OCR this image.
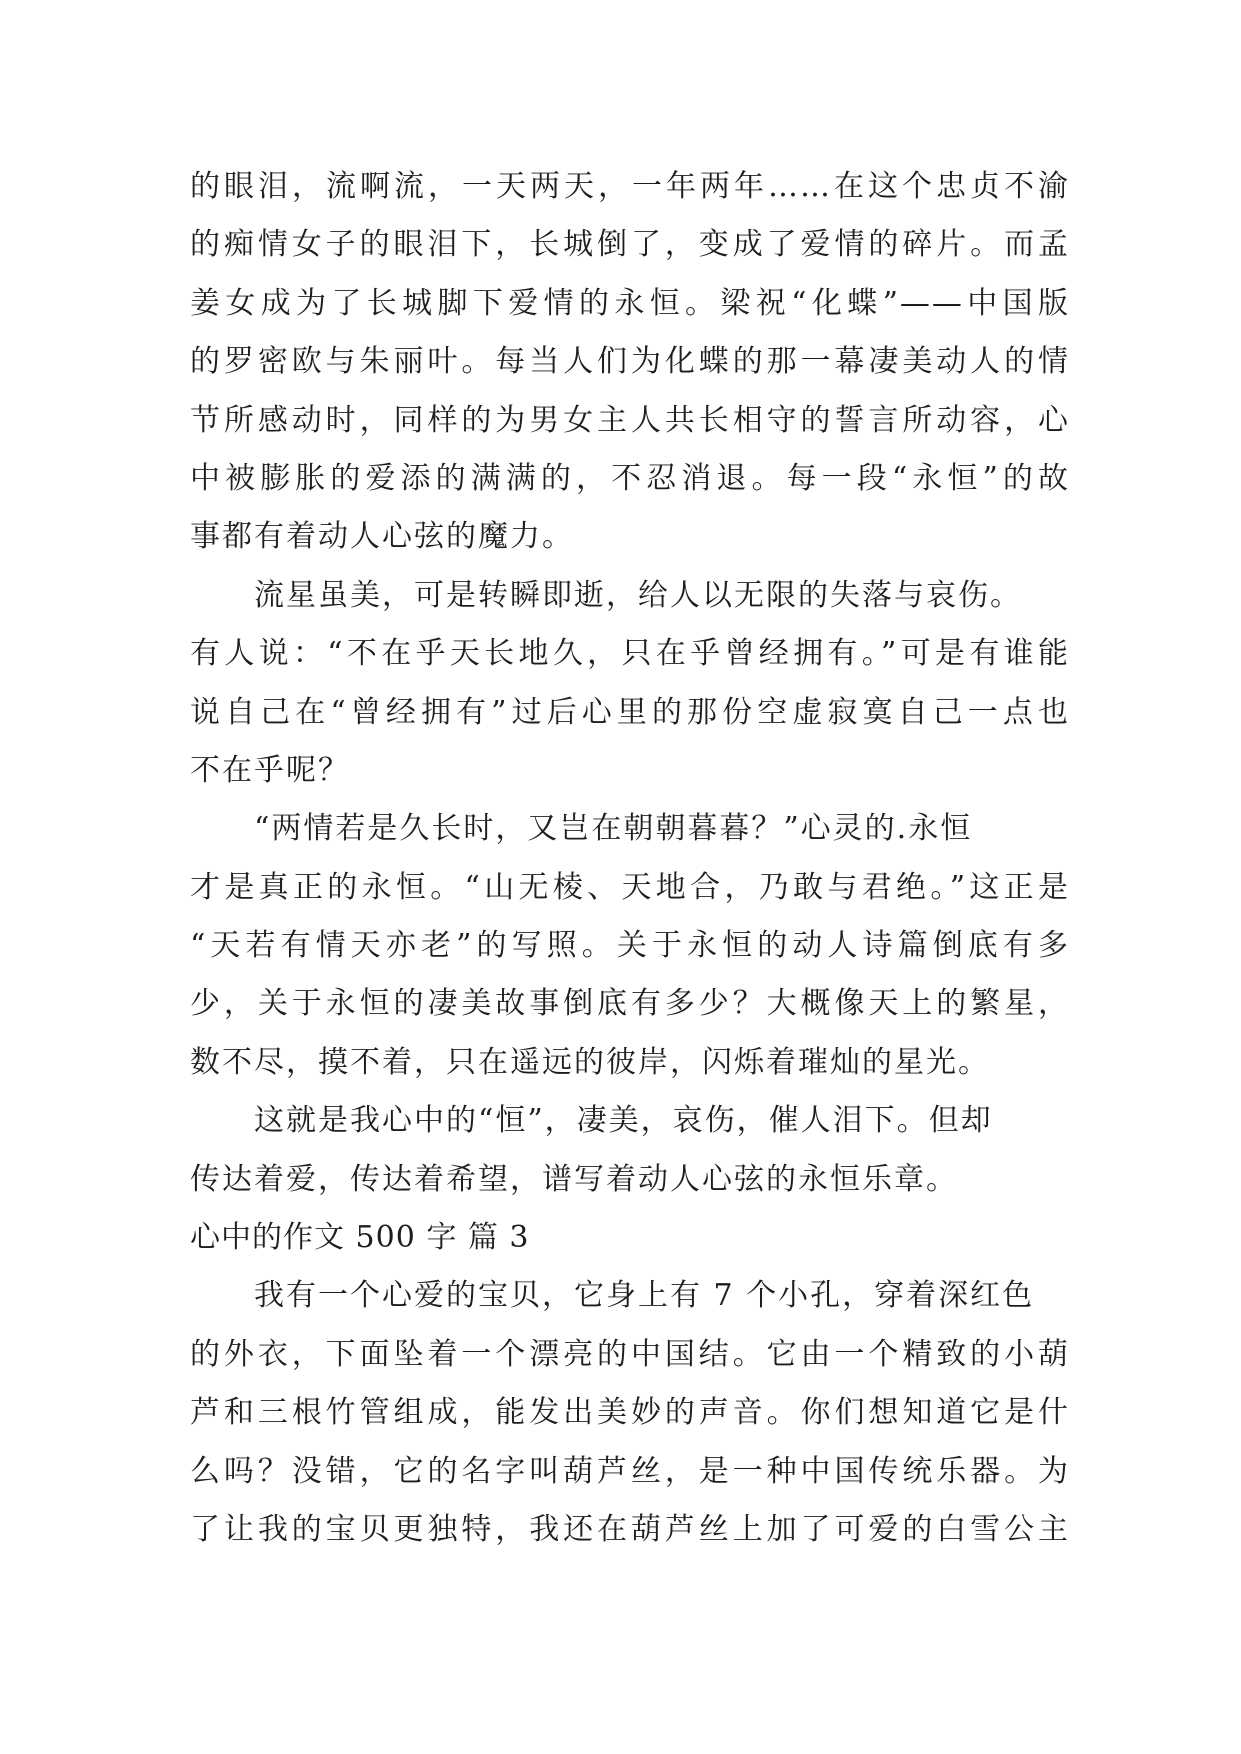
的眼泪，流啊流，一天两天，一年两年……在这个忠贞不渝
的痴情女子的眼泪下，长城倒了，变成了爱情的碎片。而孟
姜女成为了长城脚下爱情的永恒。梁祝“化蝶”——中国版
的罗密欧与朱丽叶。每当人们为化蝶的那一幕凄美动人的情
节所感动时，同样的为男女主人共长相守的誓言所动容，心
中被膨胀的爱添的满满的，不忍消退。每一段“永恒”的故
事都有着动人心弦的魔力。
流星虽美，可是转瞬即逝，给人以无限的失落与哀伤。
有人说：“不在乎天长地久，只在乎曾经拥有。”可是有谁能
说自己在“曾经拥有”过后心里的那份空虚寂寞自己一点也
不在乎呢？
“两情若是久长时，又岂在朝朝暮暮？”心灵的.永恒
才是真正的永恒。“山无棱、天地合，乃敢与君绝。”这正是
“天若有情天亦老”的写照。关于永恒的动人诗篇倒底有多
少，关于永恒的凄美故事倒底有多少？大概像天上的繁星，
数不尽，摸不着，只在遥远的彼岸，闪烁着璀灿的星光。
这就是我心中的“恒”，凄美，哀伤，催人泪下。但却
传达着爱，传达着希望，谱写着动人心弦的永恒乐章。
心中的作文 500 字 篇 3
我有一个心爱的宝贝，它身上有 7 个小孔，穿着深红色
的外衣，下面坠着一个漂亮的中国结。它由一个精致的小葫
芦和三根竹管组成，能发出美妙的声音。你们想知道它是什
么吗？没错，它的名字叫葫芦丝，是一种中国传统乐器。为
了让我的宝贝更独特，我还在葫芦丝上加了可爱的白雪公主
